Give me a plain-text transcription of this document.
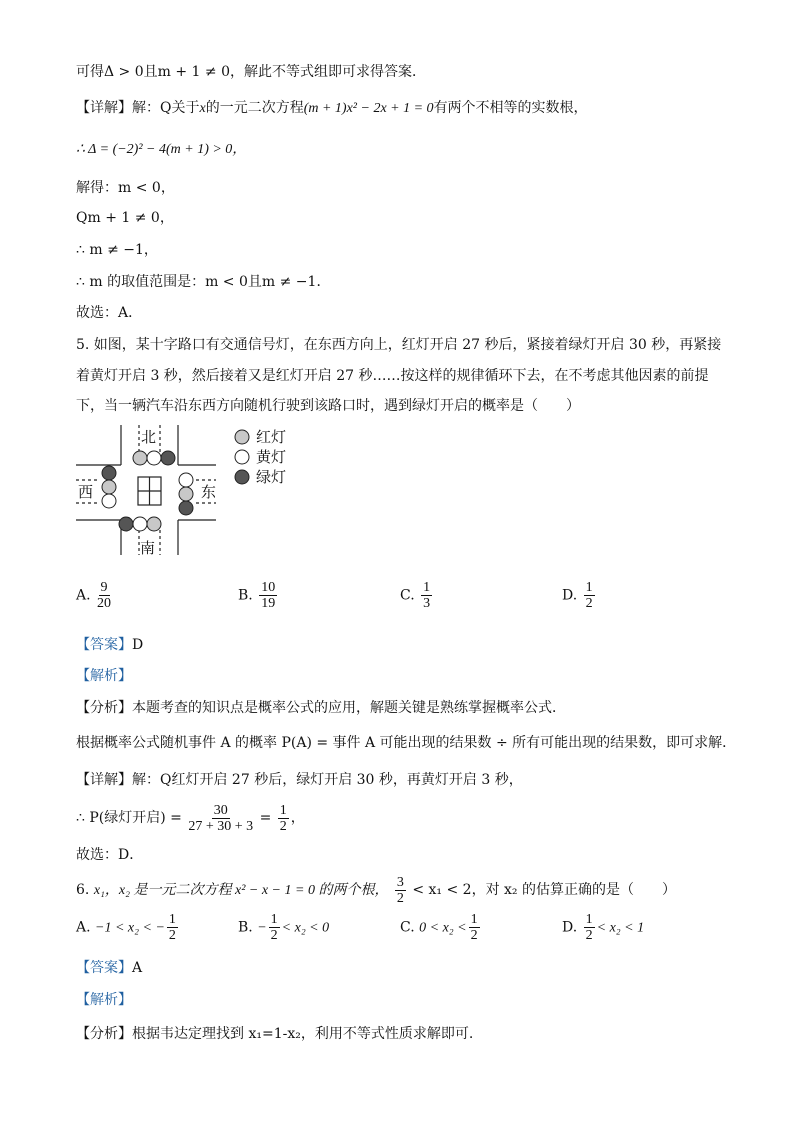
可得Δ > 0且m + 1 ≠ 0，解此不等式组即可求得答案．
【详解】解：Q关于x的一元二次方程(m + 1)x² − 2x + 1 = 0有两个不相等的实数根，
∴ Δ = (−2)² − 4(m + 1) > 0，
解得：m < 0，
Qm + 1 ≠ 0，
∴ m ≠ −1，
∴ m 的取值范围是：m < 0且m ≠ −1．
故选：A．
5. 如图，某十字路口有交通信号灯，在东西方向上，红灯开启 27 秒后，紧接着绿灯开启 30 秒，再紧接
着黄灯开启 3 秒，然后接着又是红灯开启 27 秒……按这样的规律循环下去，在不考虑其他因素的前提
下，当一辆汽车沿东西方向随机行驶到该路口时，遇到绿灯开启的概率是（　　）
北
南
西	东
红灯
黄灯
绿灯
A. $\frac{9}{20}$	B. $\frac{10}{19}$	C. $\frac{1}{3}$	D. $\frac{1}{2}$
【答案】D
【解析】
【分析】本题考查的知识点是概率公式的应用，解题关键是熟练掌握概率公式．
根据概率公式随机事件 A 的概率 P(A) = 事件 A 可能出现的结果数 ÷ 所有可能出现的结果数，即可求解．
【详解】解：Q红灯开启 27 秒后，绿灯开启 30 秒，再黄灯开启 3 秒，
∴ P(绿灯开启) = $\frac{30}{27 + 30 + 3} = \frac{1}{2}$ ，
故选：D．
6. x₁，x₂ 是一元二次方程 x² − x − 1 = 0 的两个根， $\frac{3}{2} < x_1 < 2$，对 x₂ 的估算正确的是（　　）
A. −1 < x₂ < − $\frac{1}{2}$	B. − $\frac{1}{2} < x_2 < 0$	C. $0 < x_2 < \frac{1}{2}$	D. $\frac{1}{2} < x_2 < 1$
【答案】A
【解析】
【分析】根据韦达定理找到 x₁=1-x₂，利用不等式性质求解即可.
